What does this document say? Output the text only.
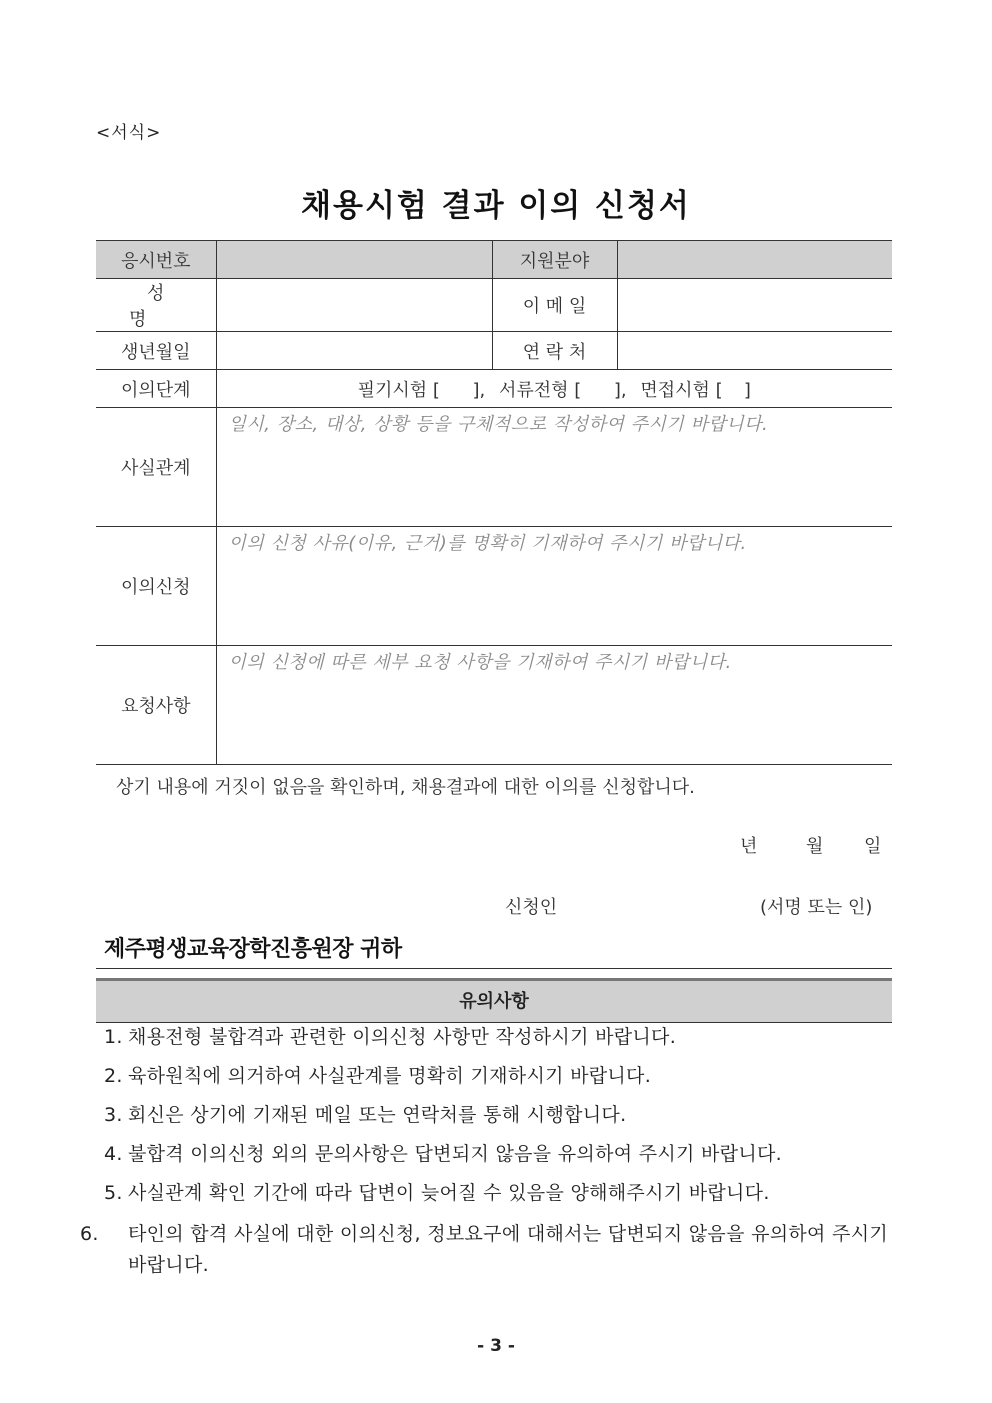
<서식>
채용시험 결과 이의 신청서
응시번호		지원분야	
성 명		이 메 일	
생년월일		연 락 처	
이의단계	필기시험 [ ], 서류전형 [ ], 면접시험 [ ]		
사실관계	일시, 장소, 대상, 상황 등을 구체적으로 작성하여 주시기 바랍니다.		

이의신청	이의 신청 사유(이유, 근거)를 명확히 기재하여 주시기 바랍니다.		

요청사항	이의 신청에 따른 세부 요청 사항을 기재하여 주시기 바랍니다.		
상기 내용에 거짓이 없음을 확인하며, 채용결과에 대한 이의를 신청합니다.
년	월 일
신청인	(서명 또는 인)
제주평생교육장학진흥원장 귀하
유의사항
1. 채용전형 불합격과 관련한 이의신청 사항만 작성하시기 바랍니다.
2. 육하원칙에 의거하여 사실관계를 명확히 기재하시기 바랍니다.
3. 회신은 상기에 기재된 메일 또는 연락처를 통해 시행합니다.
4. 불합격 이의신청 외의 문의사항은 답변되지 않음을 유의하여 주시기 바랍니다.
5. 사실관계 확인 기간에 따라 답변이 늦어질 수 있음을 양해해주시기 바랍니다.
6. 타인의 합격 사실에 대한 이의신청, 정보요구에 대해서는 답변되지 않음을 유의하여 주시기 바랍니다.
- 3 -
